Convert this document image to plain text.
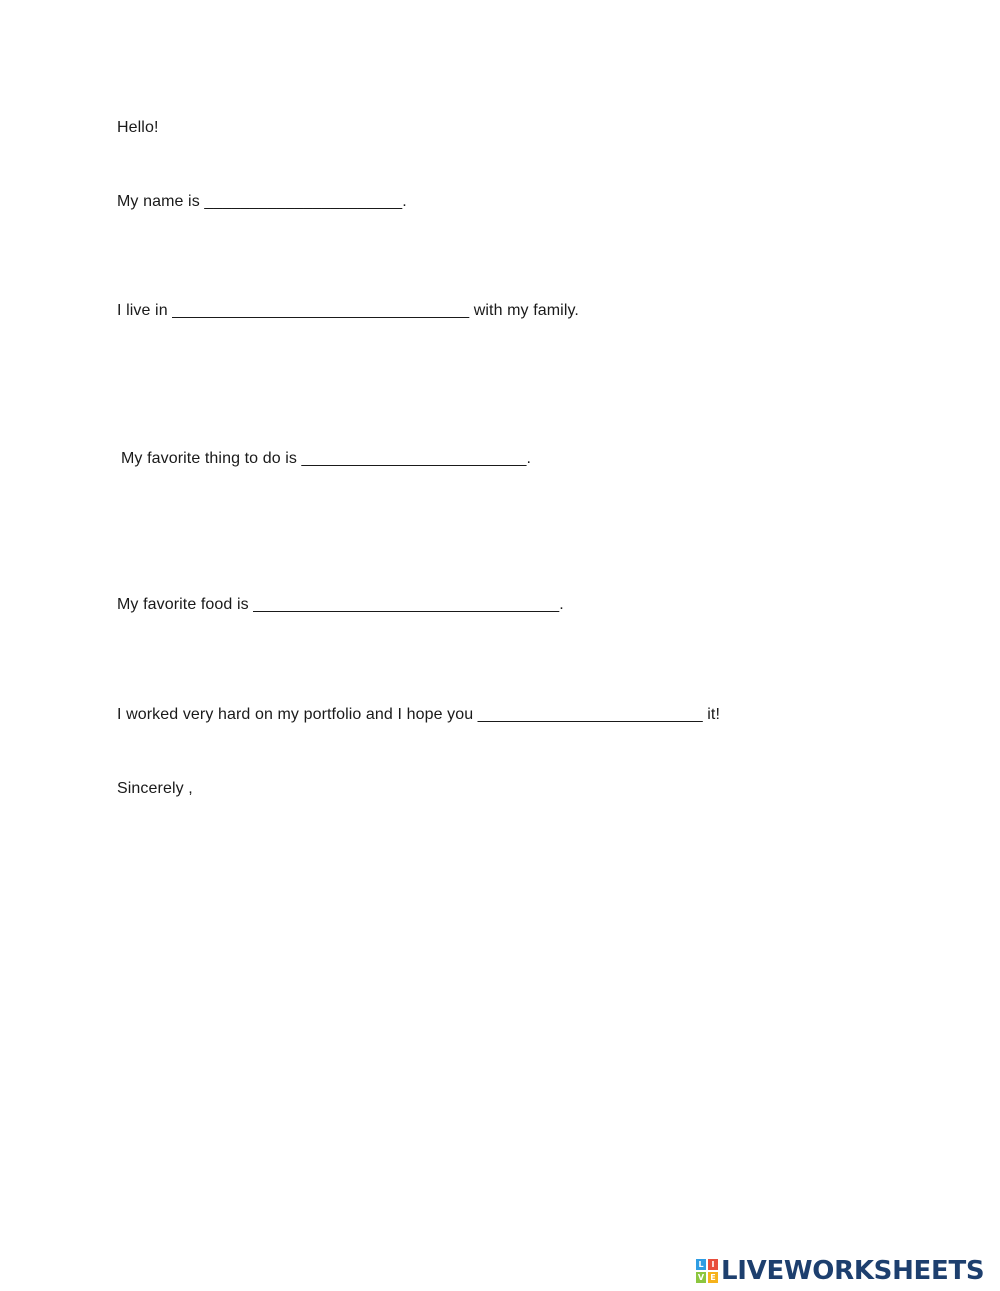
Hello!
My name is ______________________.
I live in _________________________________ with my family.
My favorite thing to do is _________________________.
My favorite food is __________________________________.
I worked very hard on my portfolio and I hope you _________________________ it!
Sincerely ,
L I
V E LIVEWORKSHEETS
